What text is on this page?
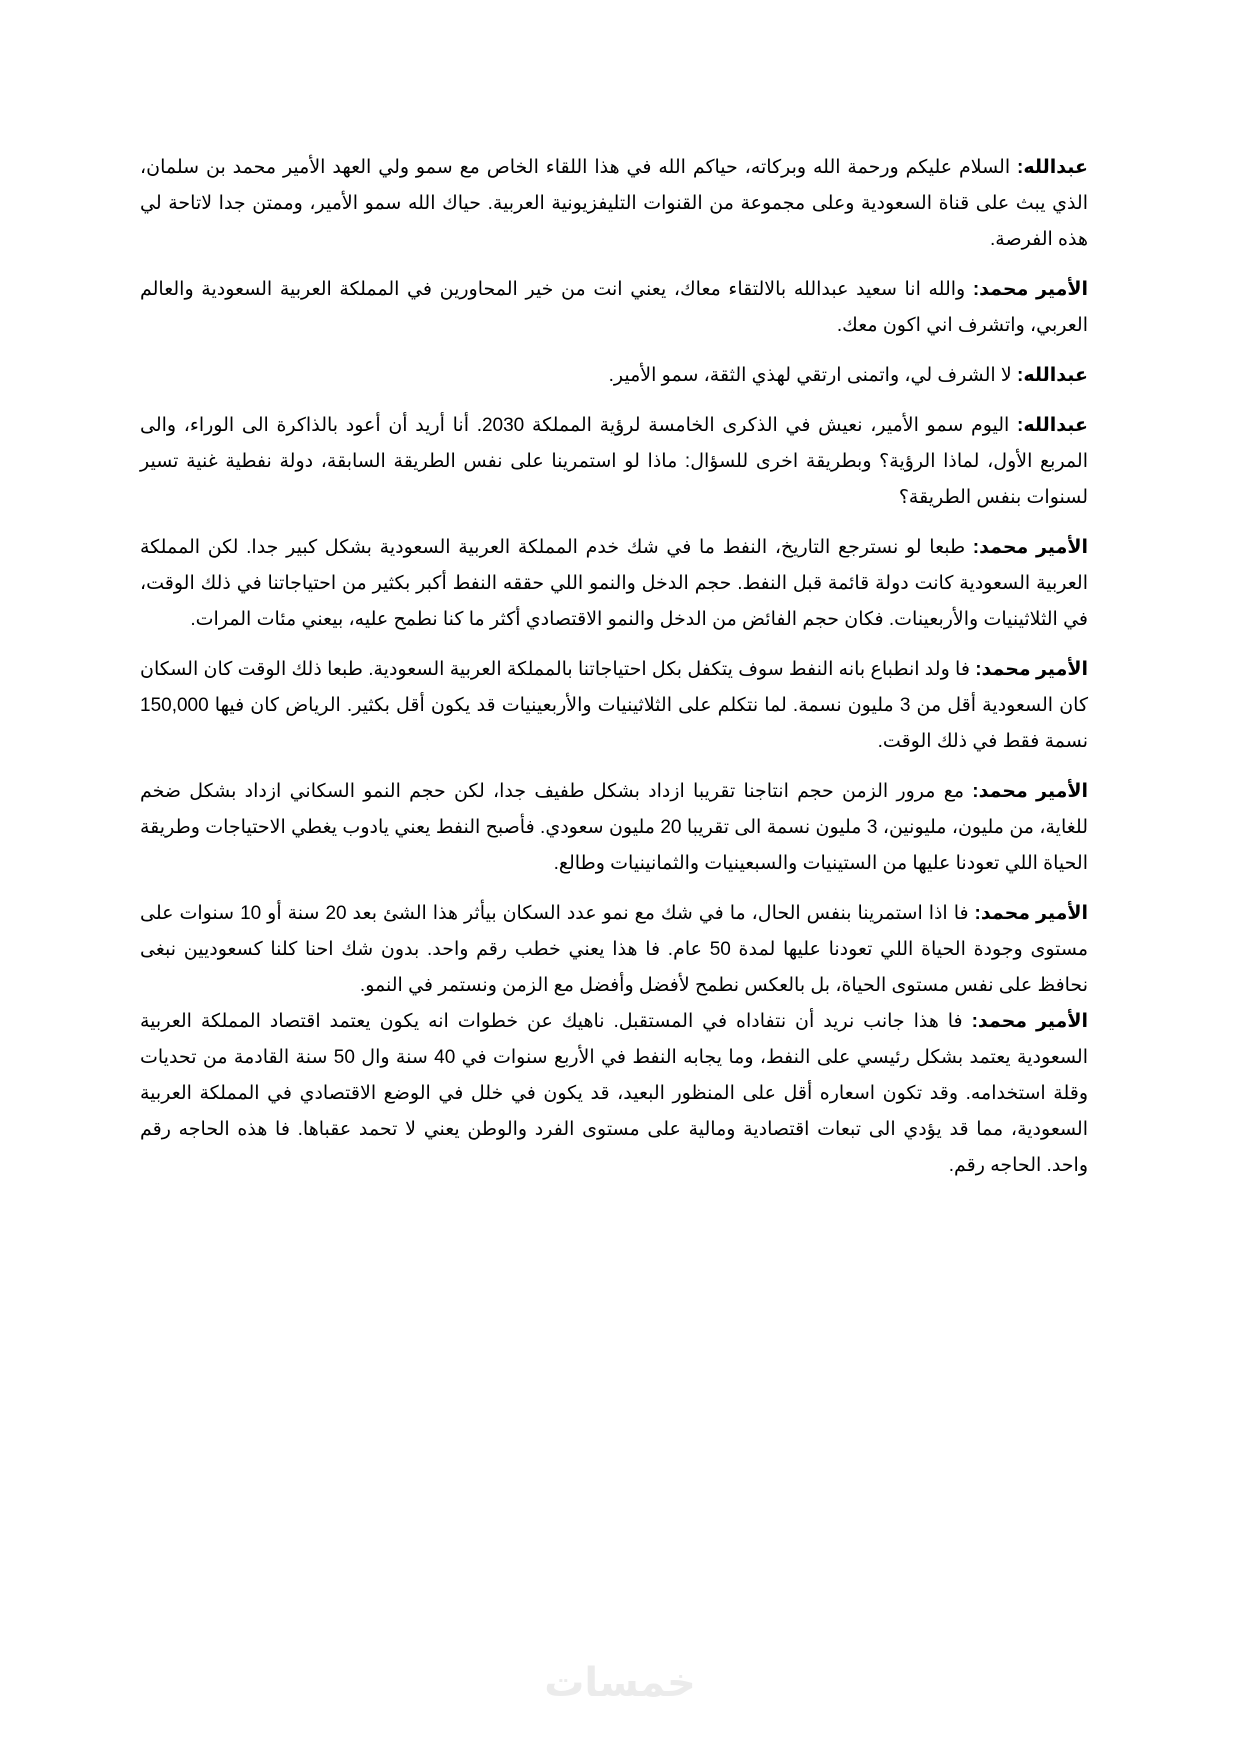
عبدالله: السلام عليكم ورحمة الله وبركاته، حياكم الله في هذا اللقاء الخاص مع سمو ولي العهد الأمير محمد بن سلمان، الذي يبث على قناة السعودية وعلى مجموعة من القنوات التليفزيونية العربية. حياك الله سمو الأمير، وممتن جدا لاتاحة لي هذه الفرصة.

الأمير محمد: والله انا سعيد عبدالله بالالتقاء معاك، يعني انت من خير المحاورين في المملكة العربية السعودية والعالم العربي، واتشرف اني اكون معك.

عبدالله: لا الشرف لي، واتمنى ارتقي لهذي الثقة، سمو الأمير.

عبدالله: اليوم سمو الأمير، نعيش في الذكرى الخامسة لرؤية المملكة 2030. أنا أريد أن أعود بالذاكرة الى الوراء، والى المربع الأول، لماذا الرؤية؟ وبطريقة اخرى للسؤال: ماذا لو استمرينا على نفس الطريقة السابقة، دولة نفطية غنية تسير لسنوات بنفس الطريقة؟

الأمير محمد: طبعا لو نسترجع التاريخ، النفط ما في شك خدم المملكة العربية السعودية بشكل كبير جدا. لكن المملكة العربية السعودية كانت دولة قائمة قبل النفط. حجم الدخل والنمو اللي حققه النفط أكبر بكثير من احتياجاتنا في ذلك الوقت، في الثلاثينيات والأربعينات. فكان حجم الفائض من الدخل والنمو الاقتصادي أكثر ما كنا نطمح عليه، بيعني مئات المرات.

الأمير محمد: فا ولد انطباع بانه النفط سوف يتكفل بكل احتياجاتنا بالمملكة العربية السعودية. طبعا ذلك الوقت كان السكان كان السعودية أقل من 3 مليون نسمة. لما نتكلم على الثلاثينيات والأربعينيات قد يكون أقل بكثير. الرياض كان فيها 150,000 نسمة فقط في ذلك الوقت.

الأمير محمد: مع مرور الزمن حجم انتاجنا تقريبا ازداد بشكل طفيف جدا، لكن حجم النمو السكاني ازداد بشكل ضخم للغاية، من مليون، مليونين، 3 مليون نسمة الى تقريبا 20 مليون سعودي. فأصبح النفط يعني يادوب يغطي الاحتياجات وطريقة الحياة اللي تعودنا عليها من الستينيات والسبعينيات والثمانينيات وطالع.

الأمير محمد: فا اذا استمرينا بنفس الحال، ما في شك مع نمو عدد السكان بيأثر هذا الشئ بعد 20 سنة أو 10 سنوات على مستوى وجودة الحياة اللي تعودنا عليها لمدة 50 عام. فا هذا يعني خطب رقم واحد. بدون شك احنا كلنا كسعوديين نبغى نحافظ على نفس مستوى الحياة، بل بالعكس نطمح لأفضل وأفضل مع الزمن ونستمر في النمو.

الأمير محمد: فا هذا جانب نريد أن نتفاداه في المستقبل. ناهيك عن خطوات انه يكون يعتمد اقتصاد المملكة العربية السعودية يعتمد بشكل رئيسي على النفط، وما يجابه النفط في الأربع سنوات في 40 سنة وال 50 سنة القادمة من تحديات وقلة استخدامه. وقد تكون اسعاره أقل على المنظور البعيد، قد يكون في خلل في الوضع الاقتصادي في المملكة العربية السعودية، مما قد يؤدي الى تبعات اقتصادية ومالية على مستوى الفرد والوطن يعني لا تحمد عقباها. فا هذه الحاجه رقم واحد. الحاجه رقم.

خمسات
